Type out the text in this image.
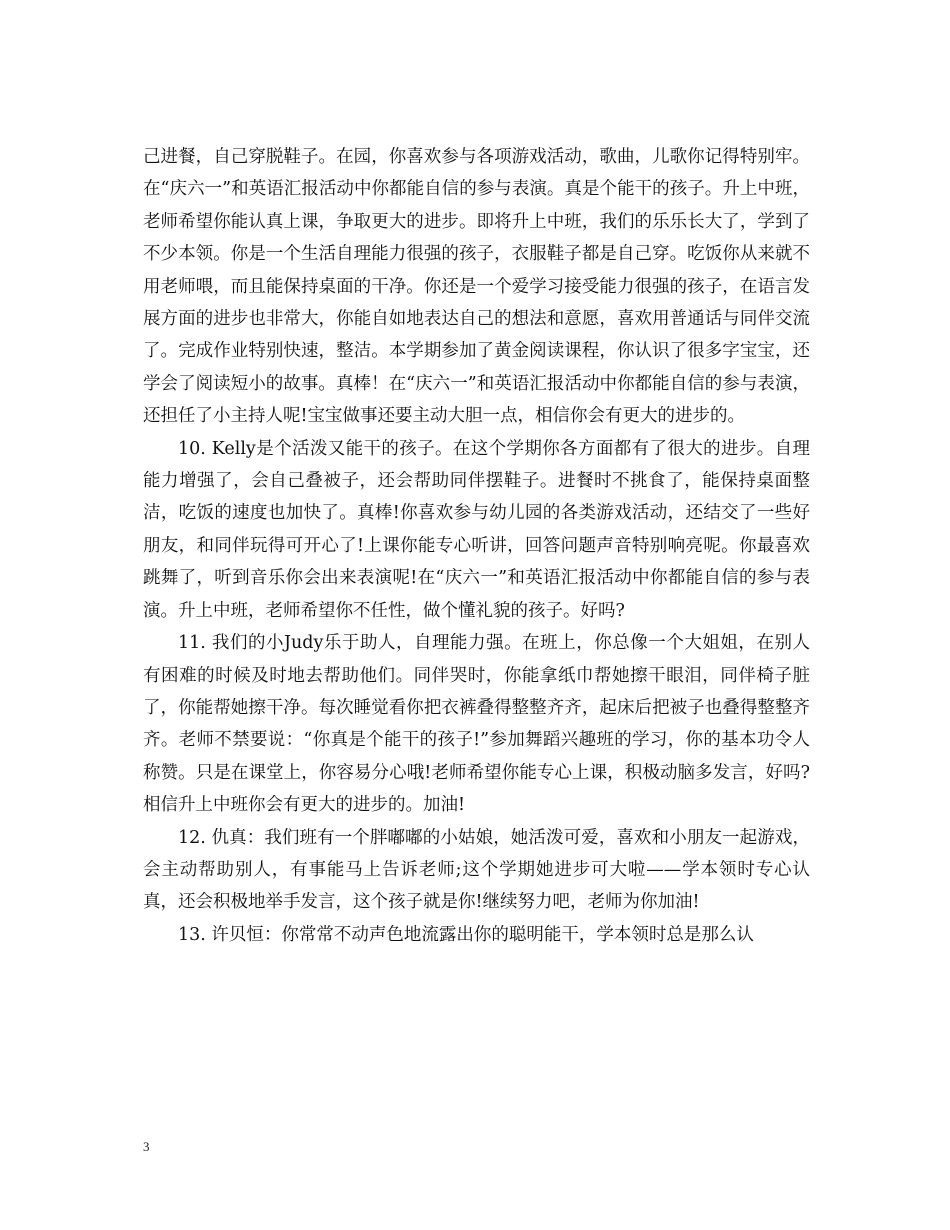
己进餐，自己穿脱鞋子。在园，你喜欢参与各项游戏活动，歌曲，儿歌你记得特别牢。在“庆六一”和英语汇报活动中你都能自信的参与表演。真是个能干的孩子。升上中班，老师希望你能认真上课，争取更大的进步。即将升上中班，我们的乐乐长大了，学到了不少本领。你是一个生活自理能力很强的孩子，衣服鞋子都是自己穿。吃饭你从来就不用老师喂，而且能保持桌面的干净。你还是一个爱学习接受能力很强的孩子，在语言发展方面的进步也非常大，你能自如地表达自己的想法和意愿，喜欢用普通话与同伴交流了。完成作业特别快速，整洁。本学期参加了黄金阅读课程，你认识了很多字宝宝，还学会了阅读短小的故事。真棒！在“庆六一”和英语汇报活动中你都能自信的参与表演，还担任了小主持人呢!宝宝做事还要主动大胆一点，相信你会有更大的进步的。

10. Kelly是个活泼又能干的孩子。在这个学期你各方面都有了很大的进步。自理能力增强了，会自己叠被子，还会帮助同伴摆鞋子。进餐时不挑食了，能保持桌面整洁，吃饭的速度也加快了。真棒!你喜欢参与幼儿园的各类游戏活动，还结交了一些好朋友，和同伴玩得可开心了!上课你能专心听讲，回答问题声音特别响亮呢。你最喜欢跳舞了，听到音乐你会出来表演呢!在“庆六一”和英语汇报活动中你都能自信的参与表演。升上中班，老师希望你不任性，做个懂礼貌的孩子。好吗?

11. 我们的小Judy乐于助人，自理能力强。在班上，你总像一个大姐姐，在别人有困难的时候及时地去帮助他们。同伴哭时，你能拿纸巾帮她擦干眼泪，同伴椅子脏了，你能帮她擦干净。每次睡觉看你把衣裤叠得整整齐齐，起床后把被子也叠得整整齐齐。老师不禁要说：“你真是个能干的孩子!”参加舞蹈兴趣班的学习，你的基本功令人称赞。只是在课堂上，你容易分心哦!老师希望你能专心上课，积极动脑多发言，好吗?相信升上中班你会有更大的进步的。加油!

12. 仇真：我们班有一个胖嘟嘟的小姑娘，她活泼可爱，喜欢和小朋友一起游戏，会主动帮助别人，有事能马上告诉老师;这个学期她进步可大啦——学本领时专心认真，还会积极地举手发言，这个孩子就是你!继续努力吧，老师为你加油!

13. 许贝恒：你常常不动声色地流露出你的聪明能干，学本领时总是那么认

3
